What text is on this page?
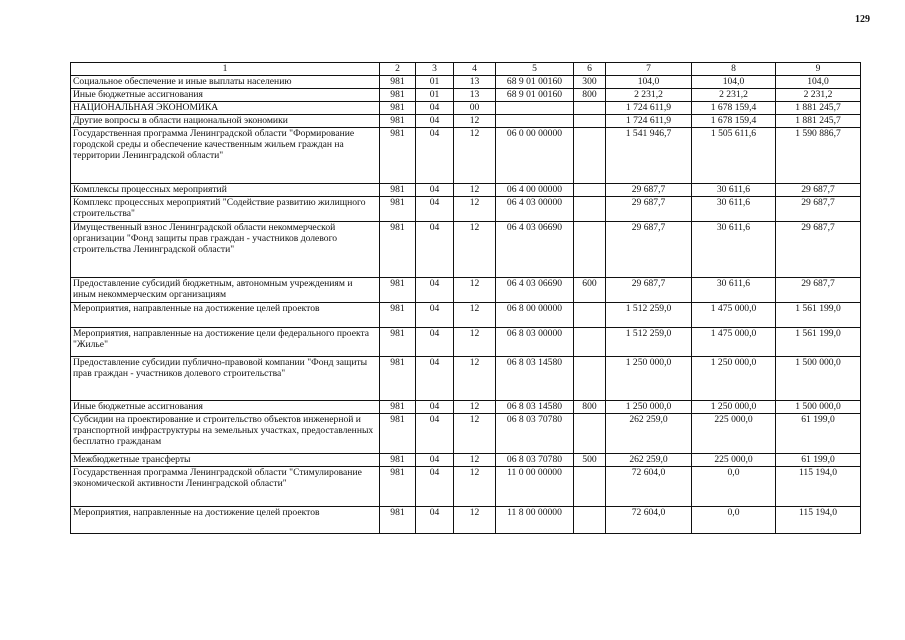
129
1	2	3	4	5	6	7	8	9
Социальное обеспечение и иные выплаты населению	981	01	13	68 9 01 00160	300	104,0	104,0	104,0
Иные бюджетные ассигнования	981	01	13	68 9 01 00160	800	2 231,2	2 231,2	2 231,2
НАЦИОНАЛЬНАЯ ЭКОНОМИКА	981	04	00			1 724 611,9	1 678 159,4	1 881 245,7
Другие вопросы в области национальной экономики	981	04	12			1 724 611,9	1 678 159,4	1 881 245,7
Государственная программа Ленинградской области "Формирование городской среды и обеспечение качественным жильем граждан на территории Ленинградской области"	981	04	12	06 0 00 00000		1 541 946,7	1 505 611,6	1 590 886,7
Комплексы процессных мероприятий	981	04	12	06 4 00 00000		29 687,7	30 611,6	29 687,7
Комплекс процессных мероприятий "Содействие развитию жилищного строительства"	981	04	12	06 4 03 00000		29 687,7	30 611,6	29 687,7
Имущественный взнос Ленинградской области некоммерческой организации "Фонд защиты прав граждан - участников долевого строительства Ленинградской области"	981	04	12	06 4 03 06690		29 687,7	30 611,6	29 687,7
Предоставление субсидий бюджетным, автономным учреждениям и иным некоммерческим организациям	981	04	12	06 4 03 06690	600	29 687,7	30 611,6	29 687,7
Мероприятия, направленные на достижение целей проектов	981	04	12	06 8 00 00000		1 512 259,0	1 475 000,0	1 561 199,0
Мероприятия, направленные на достижение цели федерального проекта "Жилье"	981	04	12	06 8 03 00000		1 512 259,0	1 475 000,0	1 561 199,0
Предоставление субсидии публично-правовой компании "Фонд защиты прав граждан - участников долевого строительства"	981	04	12	06 8 03 14580		1 250 000,0	1 250 000,0	1 500 000,0
Иные бюджетные ассигнования	981	04	12	06 8 03 14580	800	1 250 000,0	1 250 000,0	1 500 000,0
Субсидии на проектирование и строительство объектов инженерной и транспортной инфраструктуры на земельных участках, предоставленных бесплатно гражданам	981	04	12	06 8 03 70780		262 259,0	225 000,0	61 199,0
Межбюджетные трансферты	981	04	12	06 8 03 70780	500	262 259,0	225 000,0	61 199,0
Государственная программа Ленинградской области "Стимулирование экономической активности Ленинградской области"	981	04	12	11 0 00 00000		72 604,0	0,0	115 194,0
Мероприятия, направленные на достижение целей проектов	981	04	12	11 8 00 00000		72 604,0	0,0	115 194,0
